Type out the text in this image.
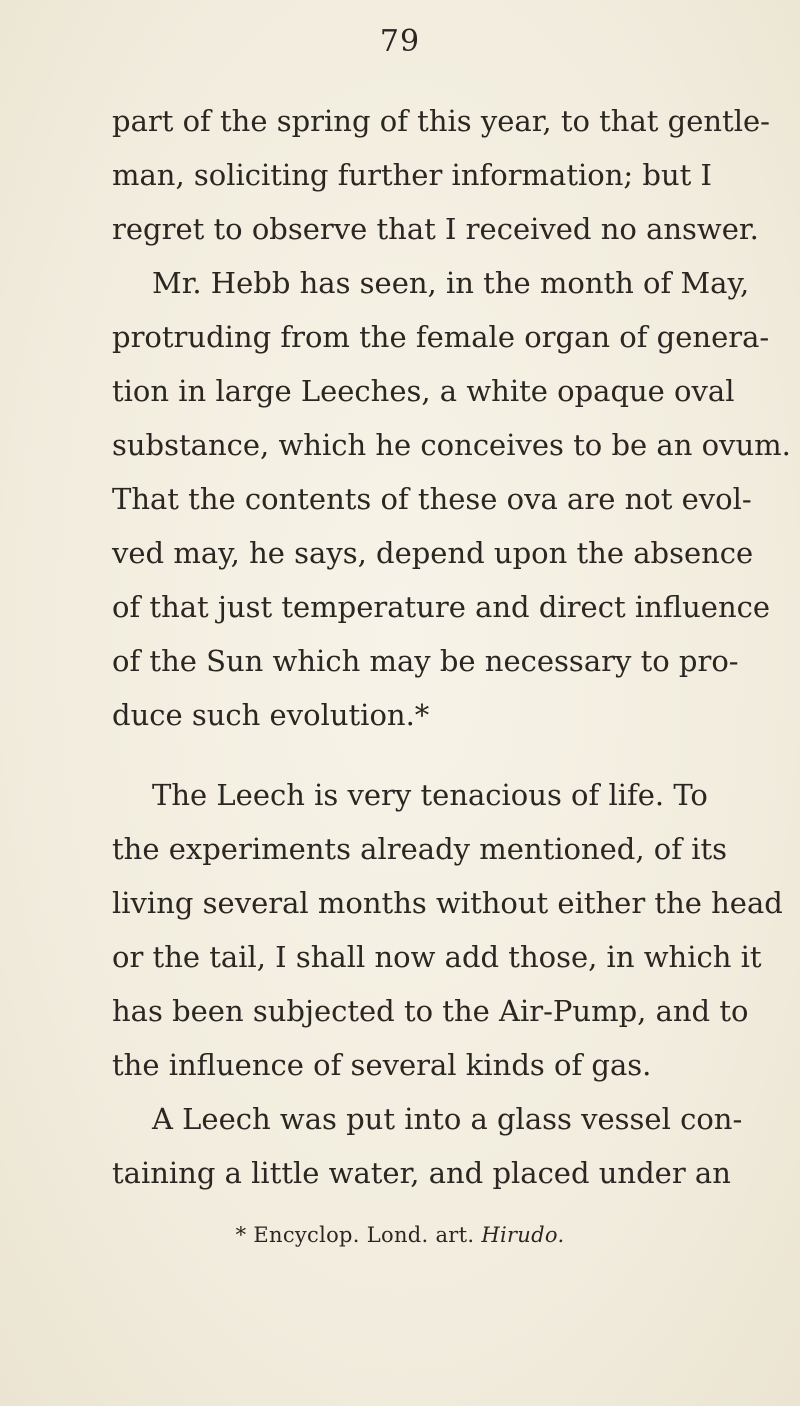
79
part of the spring of this year, to that gentle-
man, soliciting further information; but I
regret to observe that I received no answer.
Mr. Hebb has seen, in the month of May,
protruding from the female organ of genera-
tion in large Leeches, a white opaque oval
substance, which he conceives to be an ovum.
That the contents of these ova are not evol-
ved may, he says, depend upon the absence
of that just temperature and direct influence
of the Sun which may be necessary to pro-
duce such evolution.*
The Leech is very tenacious of life. To
the experiments already mentioned, of its
living several months without either the head
or the tail, I shall now add those, in which it
has been subjected to the Air-Pump, and to
the influence of several kinds of gas.
A Leech was put into a glass vessel con-
taining a little water, and placed under an
* Encyclop. Lond. art. Hirudo.
